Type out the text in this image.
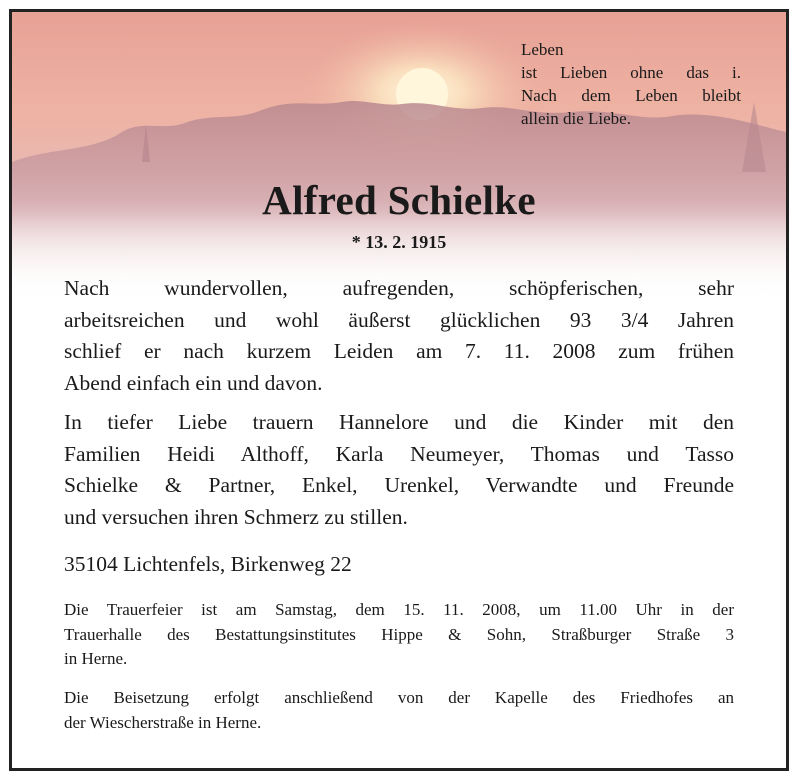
Leben
ist Lieben ohne das i.
Nach dem Leben bleibt
allein die Liebe.
Alfred Schielke
* 13. 2. 1915
Nach wundervollen, aufregenden, schöpferischen, sehr
arbeitsreichen und wohl äußerst glücklichen 93 3/4 Jahren
schlief er nach kurzem Leiden am 7. 11. 2008 zum frühen
Abend einfach ein und davon.
In tiefer Liebe trauern Hannelore und die Kinder mit den
Familien Heidi Althoff, Karla Neumeyer, Thomas und Tasso
Schielke & Partner, Enkel, Urenkel, Verwandte und Freunde
und versuchen ihren Schmerz zu stillen.
35104 Lichtenfels, Birkenweg 22
Die Trauerfeier ist am Samstag, dem 15. 11. 2008, um 11.00 Uhr in der
Trauerhalle des Bestattungsinstitutes Hippe & Sohn, Straßburger Straße 3
in Herne.
Die Beisetzung erfolgt anschließend von der Kapelle des Friedhofes an
der Wiescherstraße in Herne.
